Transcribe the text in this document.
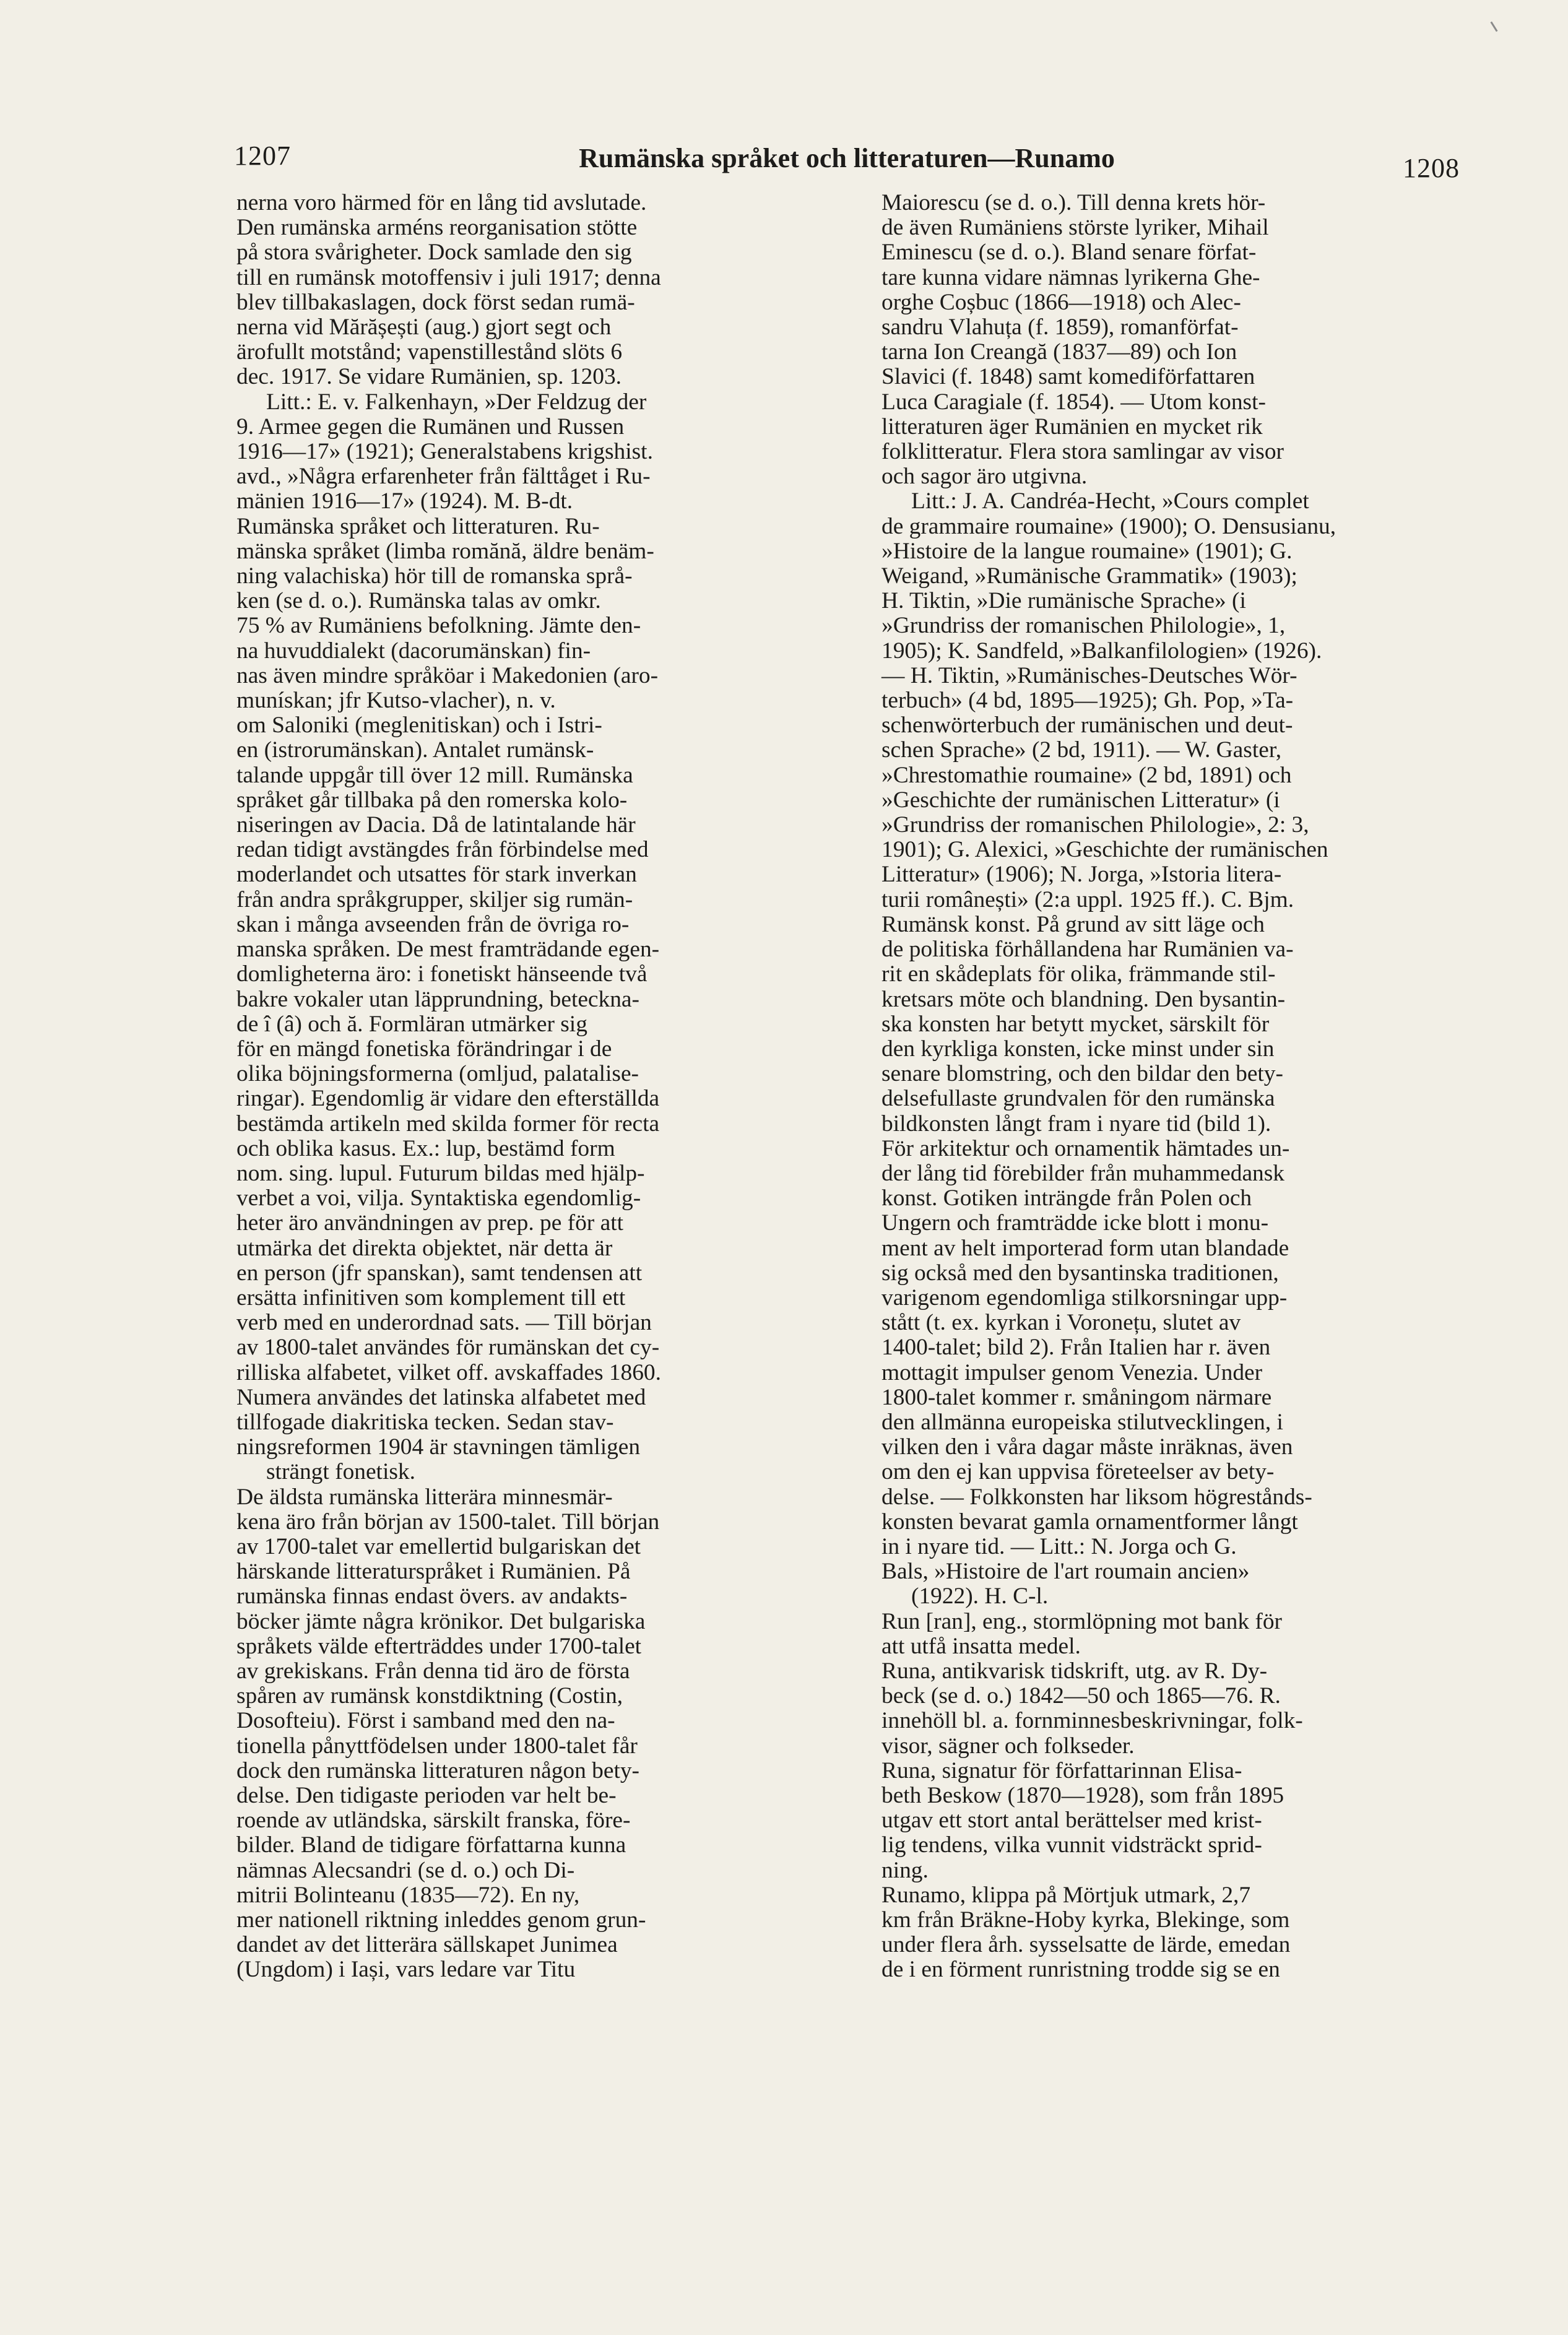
1207	Rumänska språket och litteraturen—Runamo	1208

nerna voro härmed för en lång tid avslutade.

Den rumänska arméns reorganisation stötte

på stora svårigheter. Dock samlade den sig

till en rumänsk motoffensiv i juli 1917; denna

blev tillbakaslagen, dock först sedan rumä-

nerna vid Mărășești (aug.) gjort segt och

ärofullt motstånd; vapenstillestånd slöts 6

dec. 1917. Se vidare Rumänien, sp. 1203.

Litt.: E. v. Falkenhayn, »Der Feldzug der

9. Armee gegen die Rumänen und Russen

1916—17» (1921); Generalstabens krigshist.

avd., »Några erfarenheter från fälttåget i Ru-

mänien 1916—17» (1924). M. B-dt.

Rumänska språket och litteraturen. Ru-

mänska språket (limba romănă, äldre benäm-

ning valachiska) hör till de romanska språ-

ken (se d. o.). Rumänska talas av omkr.

75 % av Rumäniens befolkning. Jämte den-

na huvuddialekt (dacorumänskan) fin-

nas även mindre språköar i Makedonien (aro-

munískan; jfr Kutso-vlacher), n. v.

om Saloniki (meglenitiskan) och i Istri-

en (istrorumänskan). Antalet rumänsk-

talande uppgår till över 12 mill. Rumänska

språket går tillbaka på den romerska kolo-

niseringen av Dacia. Då de latintalande här

redan tidigt avstängdes från förbindelse med

moderlandet och utsattes för stark inverkan

från andra språkgrupper, skiljer sig rumän-

skan i många avseenden från de övriga ro-

manska språken. De mest framträdande egen-

domligheterna äro: i fonetiskt hänseende två

bakre vokaler utan läpprundning, beteckna-

de î (â) och ă. Formläran utmärker sig

för en mängd fonetiska förändringar i de

olika böjningsformerna (omljud, palatalise-

ringar). Egendomlig är vidare den efterställda

bestämda artikeln med skilda former för recta

och oblika kasus. Ex.: lup, bestämd form

nom. sing. lupul. Futurum bildas med hjälp-

verbet a voi, vilja. Syntaktiska egendomlig-

heter äro användningen av prep. pe för att

utmärka det direkta objektet, när detta är

en person (jfr spanskan), samt tendensen att

ersätta infinitiven som komplement till ett

verb med en underordnad sats. — Till början

av 1800-talet användes för rumänskan det cy-

rilliska alfabetet, vilket off. avskaffades 1860.

Numera användes det latinska alfabetet med

tillfogade diakritiska tecken. Sedan stav-

ningsreformen 1904 är stavningen tämligen

strängt fonetisk.

De äldsta rumänska litterära minnesmär-

kena äro från början av 1500-talet. Till början

av 1700-talet var emellertid bulgariskan det

härskande litteraturspråket i Rumänien. På

rumänska finnas endast övers. av andakts-

böcker jämte några krönikor. Det bulgariska

språkets välde efterträddes under 1700-talet

av grekiskans. Från denna tid äro de första

spåren av rumänsk konstdiktning (Costin,

Dosofteiu). Först i samband med den na-

tionella pånyttfödelsen under 1800-talet får

dock den rumänska litteraturen någon bety-

delse. Den tidigaste perioden var helt be-

roende av utländska, särskilt franska, före-

bilder. Bland de tidigare författarna kunna

nämnas Alecsandri (se d. o.) och Di-

mitrii Bolinteanu (1835—72). En ny,

mer nationell riktning inleddes genom grun-

dandet av det litterära sällskapet Junimea

(Ungdom) i Iași, vars ledare var Titu

Maiorescu (se d. o.). Till denna krets hör-

de även Rumäniens störste lyriker, Mihail

Eminescu (se d. o.). Bland senare förfat-

tare kunna vidare nämnas lyrikerna Ghe-

orghe Coșbuc (1866—1918) och Alec-

sandru Vlahuța (f. 1859), romanförfat-

tarna Ion Creangă (1837—89) och Ion

Slavici (f. 1848) samt komediförfattaren

Luca Caragiale (f. 1854). — Utom konst-

litteraturen äger Rumänien en mycket rik

folklitteratur. Flera stora samlingar av visor

och sagor äro utgivna.

Litt.: J. A. Candréa-Hecht, »Cours complet

de grammaire roumaine» (1900); O. Densusianu,

»Histoire de la langue roumaine» (1901); G.

Weigand, »Rumänische Grammatik» (1903);

H. Tiktin, »Die rumänische Sprache» (i

»Grundriss der romanischen Philologie», 1,

1905); K. Sandfeld, »Balkanfilologien» (1926).

— H. Tiktin, »Rumänisches-Deutsches Wör-

terbuch» (4 bd, 1895—1925); Gh. Pop, »Ta-

schenwörterbuch der rumänischen und deut-

schen Sprache» (2 bd, 1911). — W. Gaster,

»Chrestomathie roumaine» (2 bd, 1891) och

»Geschichte der rumänischen Litteratur» (i

»Grundriss der romanischen Philologie», 2: 3,

1901); G. Alexici, »Geschichte der rumänischen

Litteratur» (1906); N. Jorga, »Istoria litera-

turii românești» (2:a uppl. 1925 ff.). C. Bjm.

Rumänsk konst. På grund av sitt läge och

de politiska förhållandena har Rumänien va-

rit en skådeplats för olika, främmande stil-

kretsars möte och blandning. Den bysantin-

ska konsten har betytt mycket, särskilt för

den kyrkliga konsten, icke minst under sin

senare blomstring, och den bildar den bety-

delsefullaste grundvalen för den rumänska

bildkonsten långt fram i nyare tid (bild 1).

För arkitektur och ornamentik hämtades un-

der lång tid förebilder från muhammedansk

konst. Gotiken inträngde från Polen och

Ungern och framträdde icke blott i monu-

ment av helt importerad form utan blandade

sig också med den bysantinska traditionen,

varigenom egendomliga stilkorsningar upp-

stått (t. ex. kyrkan i Voronețu, slutet av

1400-talet; bild 2). Från Italien har r. även

mottagit impulser genom Venezia. Under

1800-talet kommer r. småningom närmare

den allmänna europeiska stilutvecklingen, i

vilken den i våra dagar måste inräknas, även

om den ej kan uppvisa företeelser av bety-

delse. — Folkkonsten har liksom högrestånds-

konsten bevarat gamla ornamentformer långt

in i nyare tid. — Litt.: N. Jorga och G.

Bals, »Histoire de l'art roumain ancien»

(1922). H. C-l.

Run [ran], eng., stormlöpning mot bank för

att utfå insatta medel.

Runa, antikvarisk tidskrift, utg. av R. Dy-

beck (se d. o.) 1842—50 och 1865—76. R.

innehöll bl. a. fornminnesbeskrivningar, folk-

visor, sägner och folkseder.

Runa, signatur för författarinnan Elisa-

beth Beskow (1870—1928), som från 1895

utgav ett stort antal berättelser med krist-

lig tendens, vilka vunnit vidsträckt sprid-

ning.

Runamo, klippa på Mörtjuk utmark, 2,7

km från Bräkne-Hoby kyrka, Blekinge, som

under flera årh. sysselsatte de lärde, emedan

de i en förment runristning trodde sig se en
